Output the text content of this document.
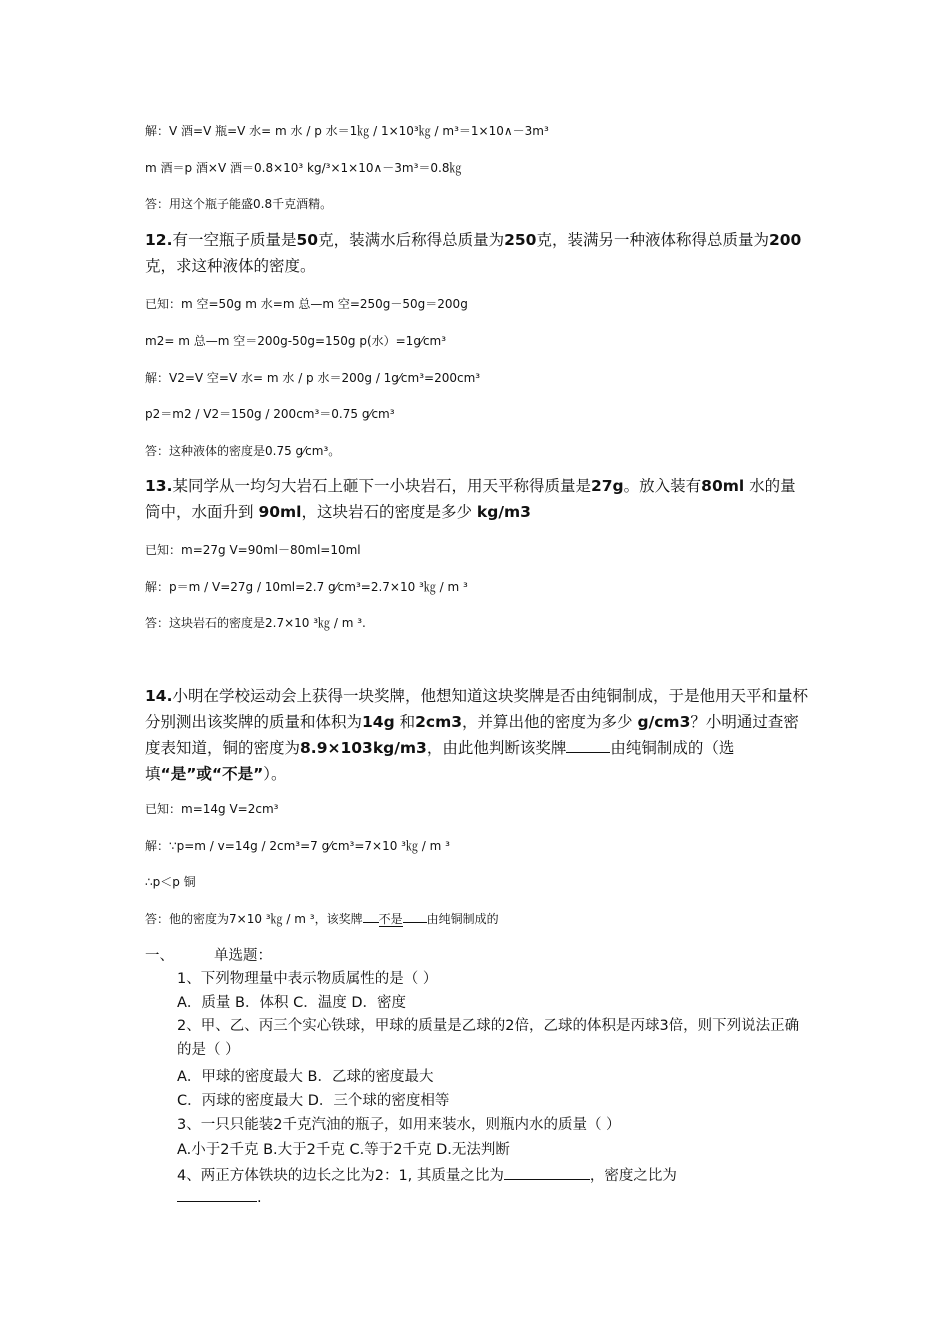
解：V 酒=V 瓶=V 水= m 水 / p 水＝1㎏ / 1×10³㎏ / m³＝1×10∧－3m³
m 酒＝p 酒×V 酒＝0.8×10³ kg/³×1×10∧－3m³＝0.8㎏
答：用这个瓶子能盛0.8千克酒精。
12.有一空瓶子质量是50克，装满水后称得总质量为250克，装满另一种液体称得总质量为200克，求这种液体的密度。
已知：m 空=50g m 水=m 总—m 空=250g－50g＝200g
m2= m 总—m 空＝200g-50g=150g p(水）=1g⁄cm³
解：V2=V 空=V 水= m 水 / p 水＝200g / 1g⁄cm³=200cm³
p2＝m2 / V2＝150g / 200cm³＝0.75 g⁄cm³
答：这种液体的密度是0.75 g⁄cm³。
13.某同学从一均匀大岩石上砸下一小块岩石，用天平称得质量是27g。放入装有80ml 水的量筒中，水面升到 90ml，这块岩石的密度是多少 kg/m3
已知：m=27g V=90ml－80ml=10ml
解：p＝m / V=27g / 10ml=2.7 g⁄cm³=2.7×10 ³㎏ / m ³
答：这块岩石的密度是2.7×10 ³㎏ / m ³.
14.小明在学校运动会上获得一块奖牌，他想知道这块奖牌是否由纯铜制成，于是他用天平和量杯分别测出该奖牌的质量和体积为14g 和2cm3，并算出他的密度为多少 g/cm3？小明通过查密度表知道，铜的密度为8.9×103kg/m3，由此他判断该奖牌	由纯铜制成的（选填“是”或“不是”）。
已知：m=14g V=2cm³
解：∵p=m / v=14g / 2cm³=7 g⁄cm³=7×10 ³㎏ / m ³
∴p＜p 铜
答：他的密度为7×10 ³㎏ / m ³，该奖牌 不是 由纯铜制成的
一、	单选题：
1、下列物理量中表示物质属性的是（ ）
A．质量 B．体积 C．温度 D．密度
2、甲、乙、丙三个实心铁球，甲球的质量是乙球的2倍，乙球的体积是丙球3倍，则下列说法正确的是（ ）
A．甲球的密度最大 B．乙球的密度最大
C．丙球的密度最大 D．三个球的密度相等
3、一只只能装2千克汽油的瓶子，如用来装水，则瓶内水的质量（ ）
A.小于2千克 B.大于2千克 C.等于2千克 D.无法判断
4、两正方体铁块的边长之比为2：1, 其质量之比为	，密度之比为
.
